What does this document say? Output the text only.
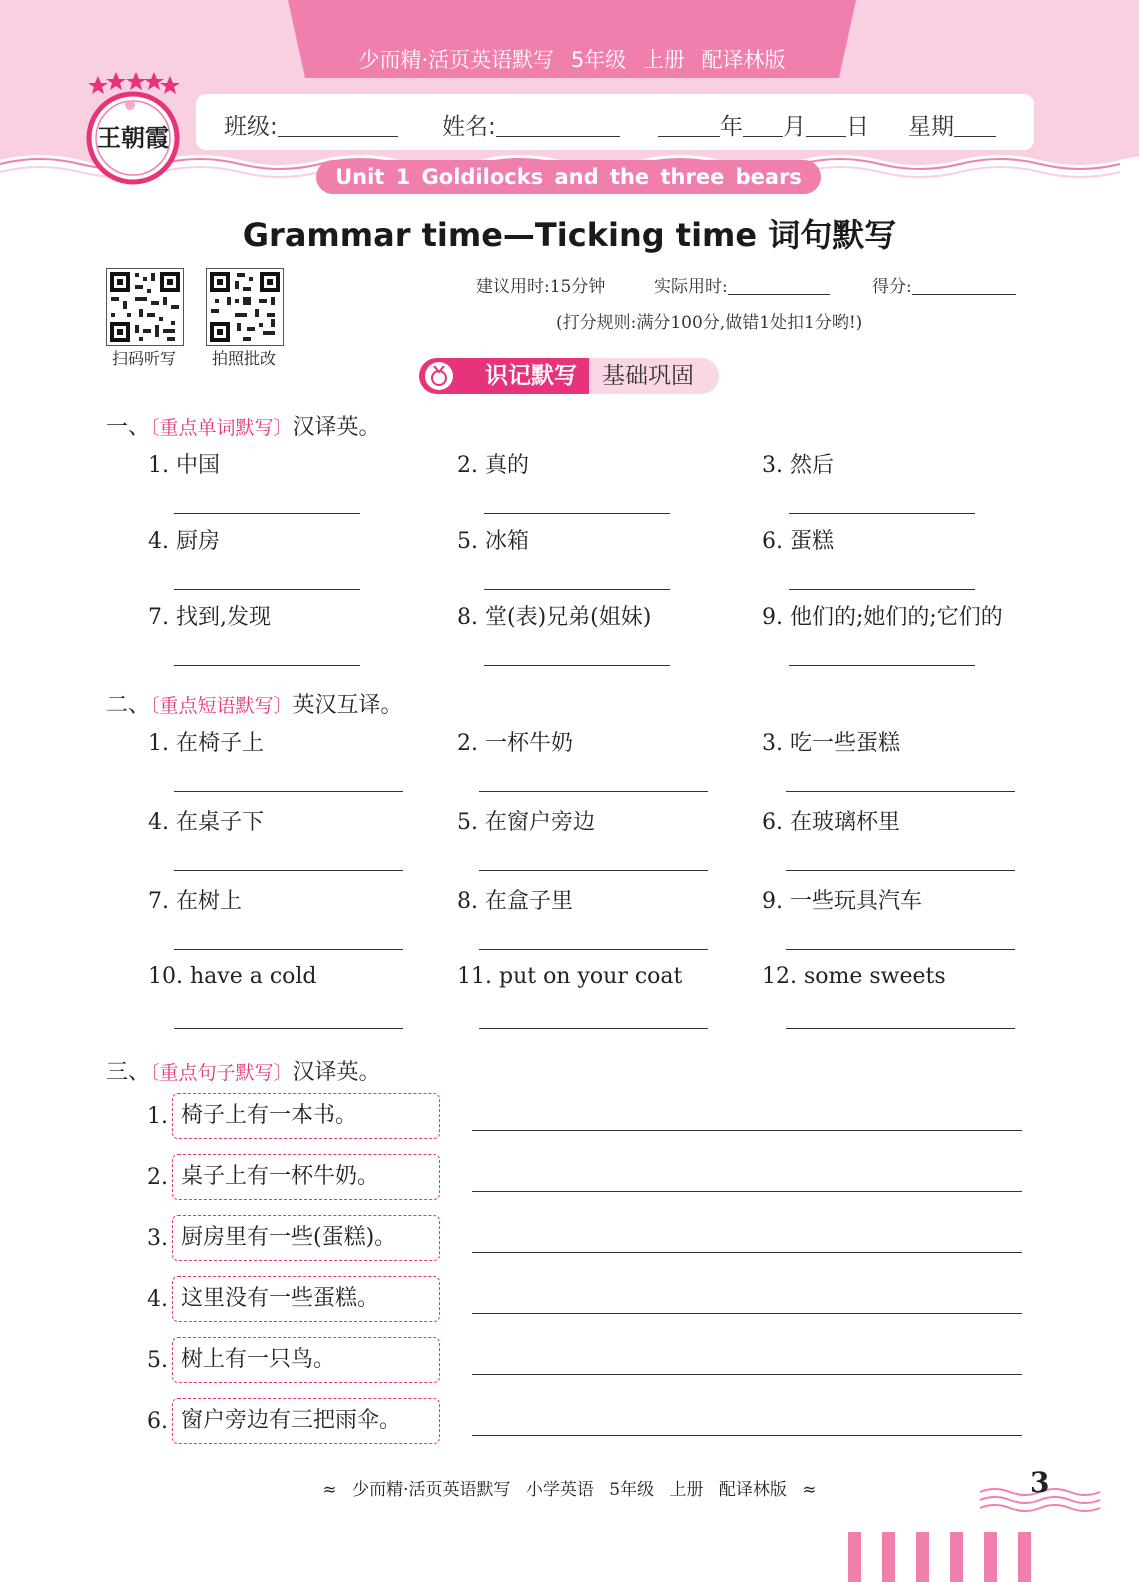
少而精·活页英语默写 5年级 上册 配译林版
班级:	姓名:	年 月 日 星期
Unit 1 Goldilocks and the three bears
王朝霞
Grammar time—Ticking time 词句默写
扫码听写	拍照批改
建议用时:15分钟	实际用时:	得分:
(打分规则:满分100分,做错1处扣1分哟!)
基础巩固
识记默写
一、〔重点单词默写〕汉译英。
1. 中国	2. 真的	3. 然后
4. 厨房	5. 冰箱	6. 蛋糕
7. 找到,发现	8. 堂(表)兄弟(姐妹)	9. 他们的;她们的;它们的
二、〔重点短语默写〕英汉互译。
1. 在椅子上	2. 一杯牛奶	3. 吃一些蛋糕
4. 在桌子下	5. 在窗户旁边	6. 在玻璃杯里
7. 在树上	8. 在盒子里	9. 一些玩具汽车
10. have a cold	11. put on your coat	12. some sweets
三、〔重点句子默写〕汉译英。
1. 椅子上有一本书。
2. 桌子上有一杯牛奶。
3. 厨房里有一些(蛋糕)。
4. 这里没有一些蛋糕。
5. 树上有一只鸟。
6. 窗户旁边有三把雨伞。
≈ 少而精·活页英语默写 小学英语 5年级 上册 配译林版 ≈	3
